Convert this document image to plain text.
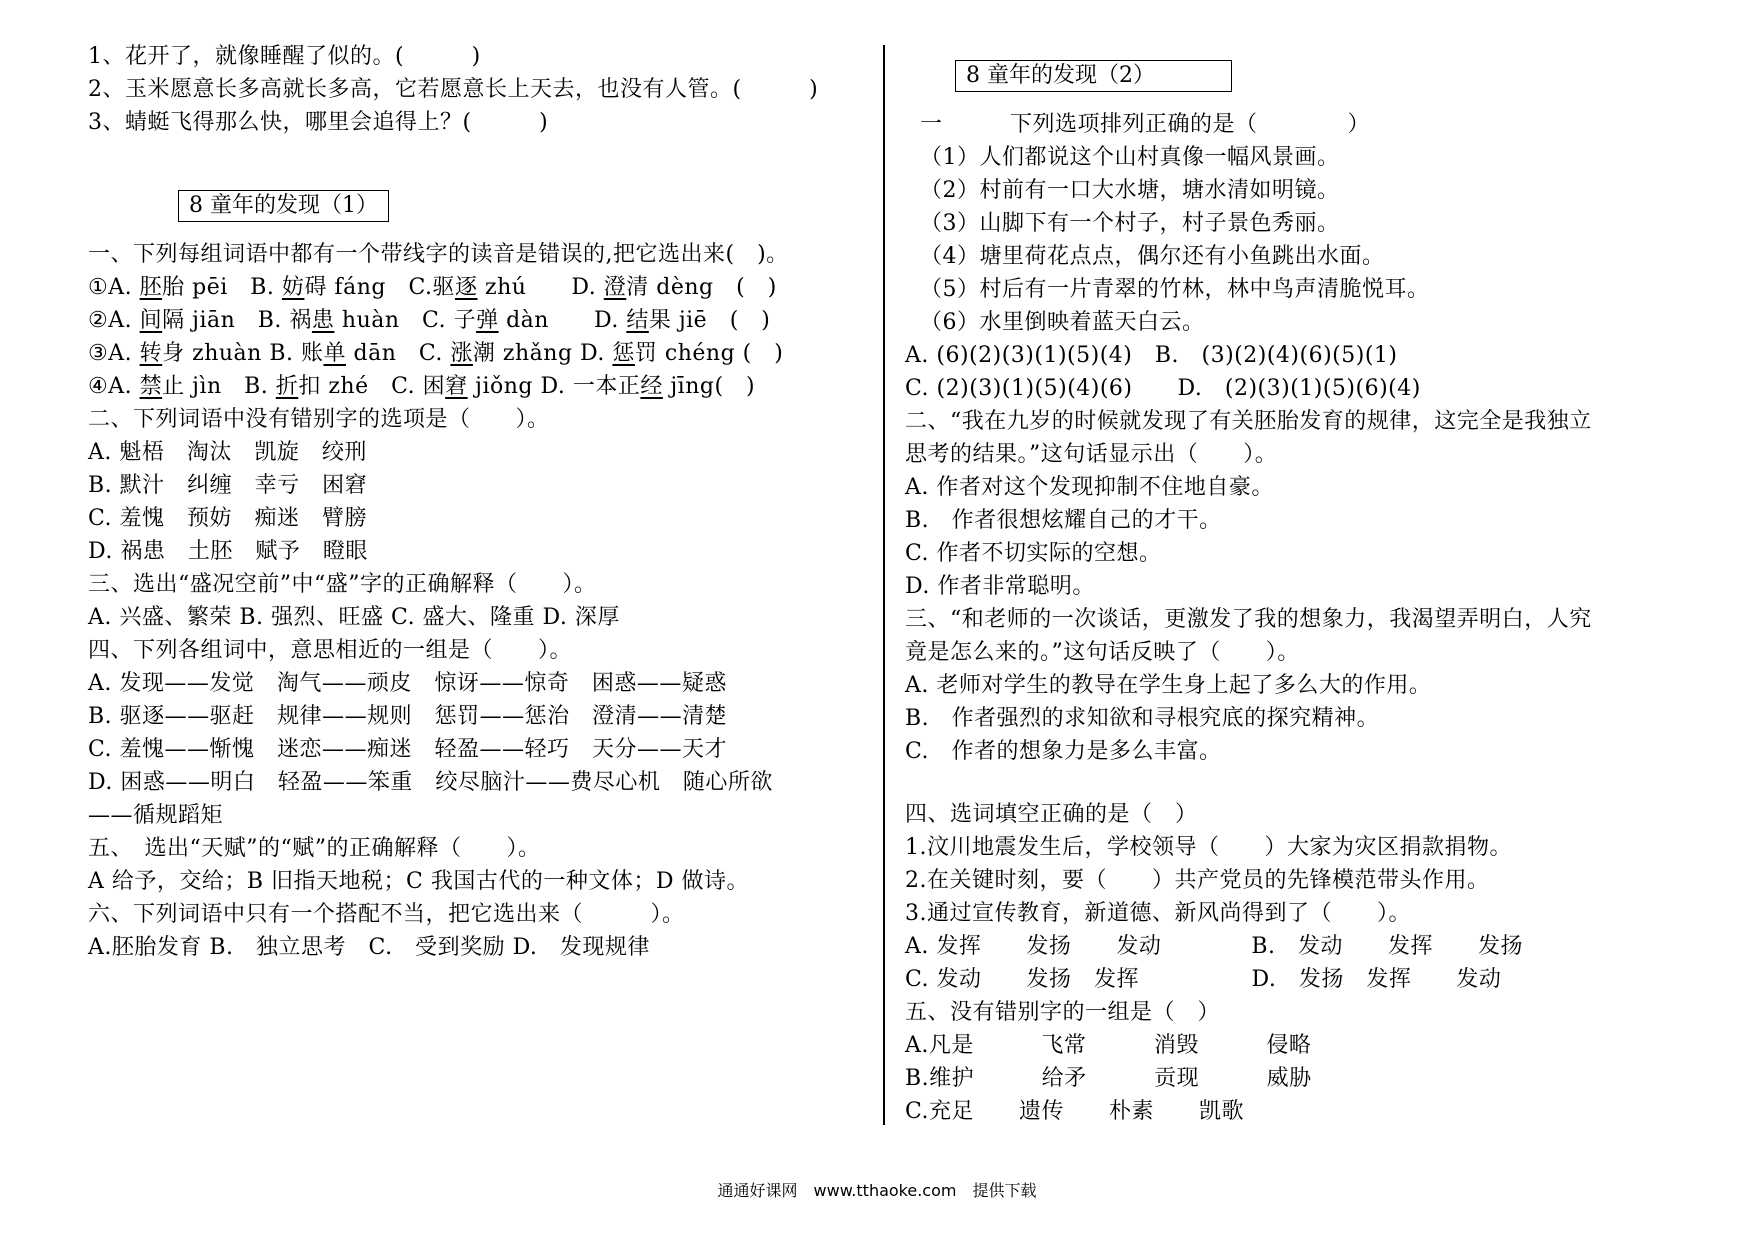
1、花开了，就像睡醒了似的。(　　　)
2、玉米愿意长多高就长多高，它若愿意长上天去，也没有人管。(　　　)
3、蜻蜓飞得那么快，哪里会追得上？(　　　)
8 童年的发现（1）
一、下列每组词语中都有一个带线字的读音是错误的,把它选出来(　)。
①A. 胚胎 pēi　B. 妨碍 fáng　C.驱逐 zhú　　D. 澄清 dèng　(　)
②A. 间隔 jiān　B. 祸患 huàn　C. 子弹 dàn　　D. 结果 jiē　(　)
③A. 转身 zhuàn B. 账单 dān　C. 涨潮 zhǎng D. 惩罚 chéng (　)
④A. 禁止 jìn　B. 折扣 zhé　C. 困窘 jiǒng D. 一本正经 jīng(　)
二、下列词语中没有错别字的选项是（　　）。
A. 魁梧　淘汰　凯旋　绞刑
B. 默汁　纠缠　幸亏　困窘
C. 羞愧　预妨　痴迷　臂膀
D. 祸患　土胚　赋予　瞪眼
三、选出“盛况空前”中“盛”字的正确解释（　　）。
A. 兴盛、繁荣 B. 强烈、旺盛 C. 盛大、隆重 D. 深厚
四、下列各组词中，意思相近的一组是（　　）。
A. 发现——发觉　淘气——顽皮　惊讶——惊奇　困惑——疑惑
B. 驱逐——驱赶　规律——规则　惩罚——惩治　澄清——清楚
C. 羞愧——惭愧　迷恋——痴迷　轻盈——轻巧　天分——天才
D. 困惑——明白　轻盈——笨重　绞尽脑汁——费尽心机　随心所欲
——循规蹈矩
五、　选出“天赋”的“赋”的正确解释（　　）。
A 给予，交给；B 旧指天地税；C 我国古代的一种文体；D 做诗。
六、下列词语中只有一个搭配不当，把它选出来（　　　）。
A.胚胎发育 B.　独立思考　C.　受到奖励 D.　发现规律
8 童年的发现（2）
一　　　下列选项排列正确的是（　　　　）
（1）人们都说这个山村真像一幅风景画。
（2）村前有一口大水塘，塘水清如明镜。
（3）山脚下有一个村子，村子景色秀丽。
（4）塘里荷花点点，偶尔还有小鱼跳出水面。
（5）村后有一片青翠的竹林，林中鸟声清脆悦耳。
（6）水里倒映着蓝天白云。
A. (6)(2)(3)(1)(5)(4)　B.　(3)(2)(4)(6)(5)(1)
C. (2)(3)(1)(5)(4)(6)　　D.　(2)(3)(1)(5)(6)(4)
二、“我在九岁的时候就发现了有关胚胎发育的规律，这完全是我独立
思考的结果。”这句话显示出（　　）。
A. 作者对这个发现抑制不住地自豪。
B.　作者很想炫耀自己的才干。
C. 作者不切实际的空想。
D. 作者非常聪明。
三、“和老师的一次谈话，更激发了我的想象力，我渴望弄明白，人究
竟是怎么来的。”这句话反映了（　　）。
A. 老师对学生的教导在学生身上起了多么大的作用。
B.　作者强烈的求知欲和寻根究底的探究精神。
C.　作者的想象力是多么丰富。
四、选词填空正确的是（　）
1.汶川地震发生后，学校领导（　　）大家为灾区捐款捐物。
2.在关键时刻，要（　　）共产党员的先锋模范带头作用。
3.通过宣传教育，新道德、新风尚得到了（　　）。
A. 发挥　　发扬　　发动　　　　B.　发动　　发挥　　发扬
C. 发动　　发扬　发挥　　　　　D.　发扬　发挥　　发动
五、没有错别字的一组是（　）
A.凡是　　　飞常　　　消毁　　　侵略
B.维护　　　给矛　　　贡现　　　威胁
C.充足　　遗传　　朴素　　凯歌
通通好课网　www.tthaoke.com　提供下载
